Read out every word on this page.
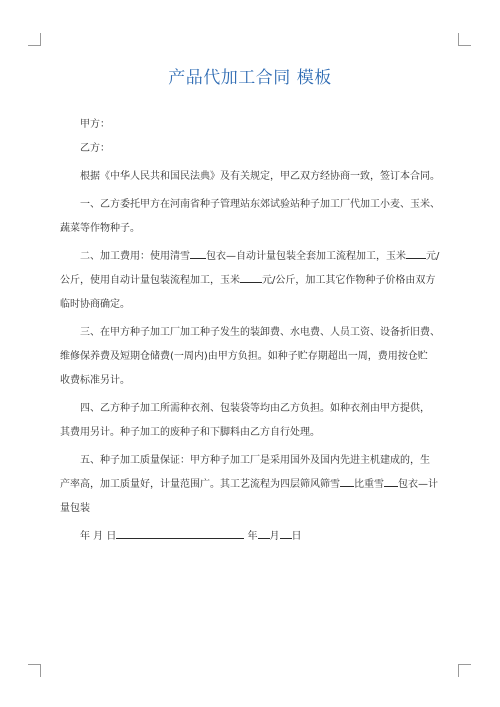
产品代加工合同 模板

甲方：

乙方：

根据《中华人民共和国民法典》及有关规定，甲乙双方经协商一致，签订本合同。

一、乙方委托甲方在河南省种子管理站东郊试验站种子加工厂代加工小麦、玉米、

蔬菜等作物种子。

二、加工费用：使用清雪 包衣—自动计量包装全套加工流程加工，玉米 元/

公斤，使用自动计量包装流程加工，玉米 元/公斤，加工其它作物种子价格由双方

临时协商确定。

三、在甲方种子加工厂加工种子发生的装卸费、水电费、人员工资、设备折旧费、

维修保养费及短期仓储费(一周内)由甲方负担。如种子贮存期超出一周，费用按仓贮

收费标准另计。

四、乙方种子加工所需种衣剂、包装袋等均由乙方负担。如种衣剂由甲方提供，

其费用另计。种子加工的废种子和下脚料由乙方自行处理。

五、种子加工质量保证：甲方种子加工厂是采用国外及国内先进主机建成的，生

产率高，加工质量好，计量范围广。其工艺流程为四层筛风筛雪 比重雪 包衣—计

量包装

年 月 日	年 月 日
